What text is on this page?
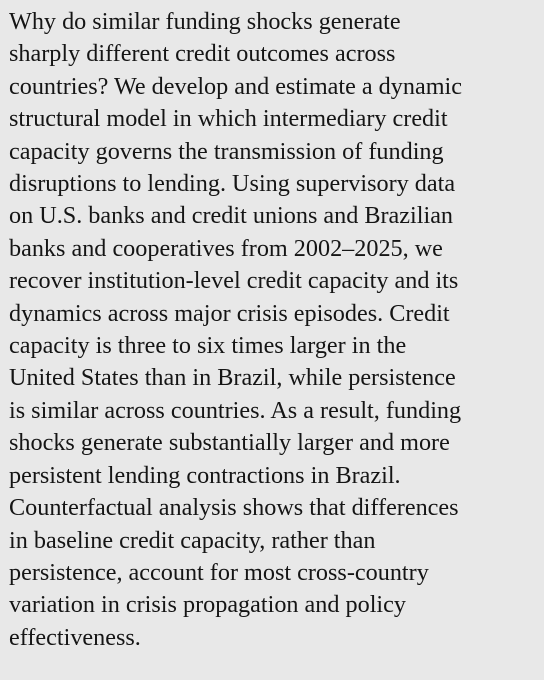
Why do similar funding shocks generate
sharply different credit outcomes across
countries? We develop and estimate a dynamic
structural model in which intermediary credit
capacity governs the transmission of funding
disruptions to lending. Using supervisory data
on U.S. banks and credit unions and Brazilian
banks and cooperatives from 2002–2025, we
recover institution-level credit capacity and its
dynamics across major crisis episodes. Credit
capacity is three to six times larger in the
United States than in Brazil, while persistence
is similar across countries. As a result, funding
shocks generate substantially larger and more
persistent lending contractions in Brazil.
Counterfactual analysis shows that differences
in baseline credit capacity, rather than
persistence, account for most cross-country
variation in crisis propagation and policy
effectiveness.
